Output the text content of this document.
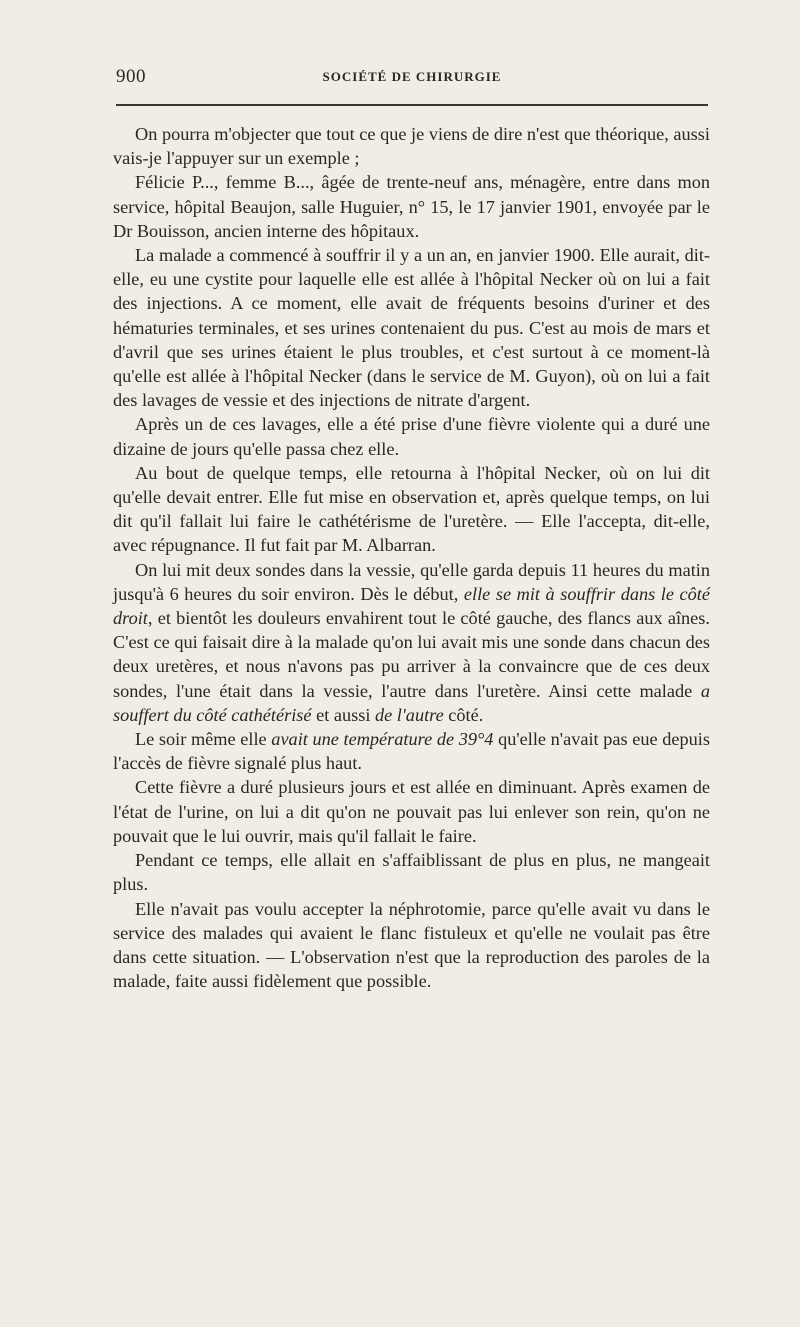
900	SOCIÉTÉ DE CHIRURGIE

On pourra m'objecter que tout ce que je viens de dire n'est que théorique, aussi vais-je l'appuyer sur un exemple ;

Félicie P..., femme B..., âgée de trente-neuf ans, ménagère, entre dans mon service, hôpital Beaujon, salle Huguier, n° 15, le 17 janvier 1901, envoyée par le Dr Bouisson, ancien interne des hôpitaux.

La malade a commencé à souffrir il y a un an, en janvier 1900. Elle aurait, dit-elle, eu une cystite pour laquelle elle est allée à l'hôpital Necker où on lui a fait des injections. A ce moment, elle avait de fréquents besoins d'uriner et des hématuries terminales, et ses urines contenaient du pus. C'est au mois de mars et d'avril que ses urines étaient le plus troubles, et c'est surtout à ce moment-là qu'elle est allée à l'hôpital Necker (dans le service de M. Guyon), où on lui a fait des lavages de vessie et des injections de nitrate d'argent.

Après un de ces lavages, elle a été prise d'une fièvre violente qui a duré une dizaine de jours qu'elle passa chez elle.

Au bout de quelque temps, elle retourna à l'hôpital Necker, où on lui dit qu'elle devait entrer. Elle fut mise en observation et, après quelque temps, on lui dit qu'il fallait lui faire le cathétérisme de l'uretère. — Elle l'accepta, dit-elle, avec répugnance. Il fut fait par M. Albarran.

On lui mit deux sondes dans la vessie, qu'elle garda depuis 11 heures du matin jusqu'à 6 heures du soir environ. Dès le début, elle se mit à souffrir dans le côté droit, et bientôt les douleurs envahirent tout le côté gauche, des flancs aux aînes. C'est ce qui faisait dire à la malade qu'on lui avait mis une sonde dans chacun des deux uretères, et nous n'avons pas pu arriver à la convaincre que de ces deux sondes, l'une était dans la vessie, l'autre dans l'uretère. Ainsi cette malade a souffert du côté cathétérisé et aussi de l'autre côté.

Le soir même elle avait une température de 39°4 qu'elle n'avait pas eue depuis l'accès de fièvre signalé plus haut.

Cette fièvre a duré plusieurs jours et est allée en diminuant. Après examen de l'état de l'urine, on lui a dit qu'on ne pouvait pas lui enlever son rein, qu'on ne pouvait que le lui ouvrir, mais qu'il fallait le faire.

Pendant ce temps, elle allait en s'affaiblissant de plus en plus, ne mangeait plus.

Elle n'avait pas voulu accepter la néphrotomie, parce qu'elle avait vu dans le service des malades qui avaient le flanc fistuleux et qu'elle ne voulait pas être dans cette situation. — L'observation n'est que la reproduction des paroles de la malade, faite aussi fidèlement que possible.
